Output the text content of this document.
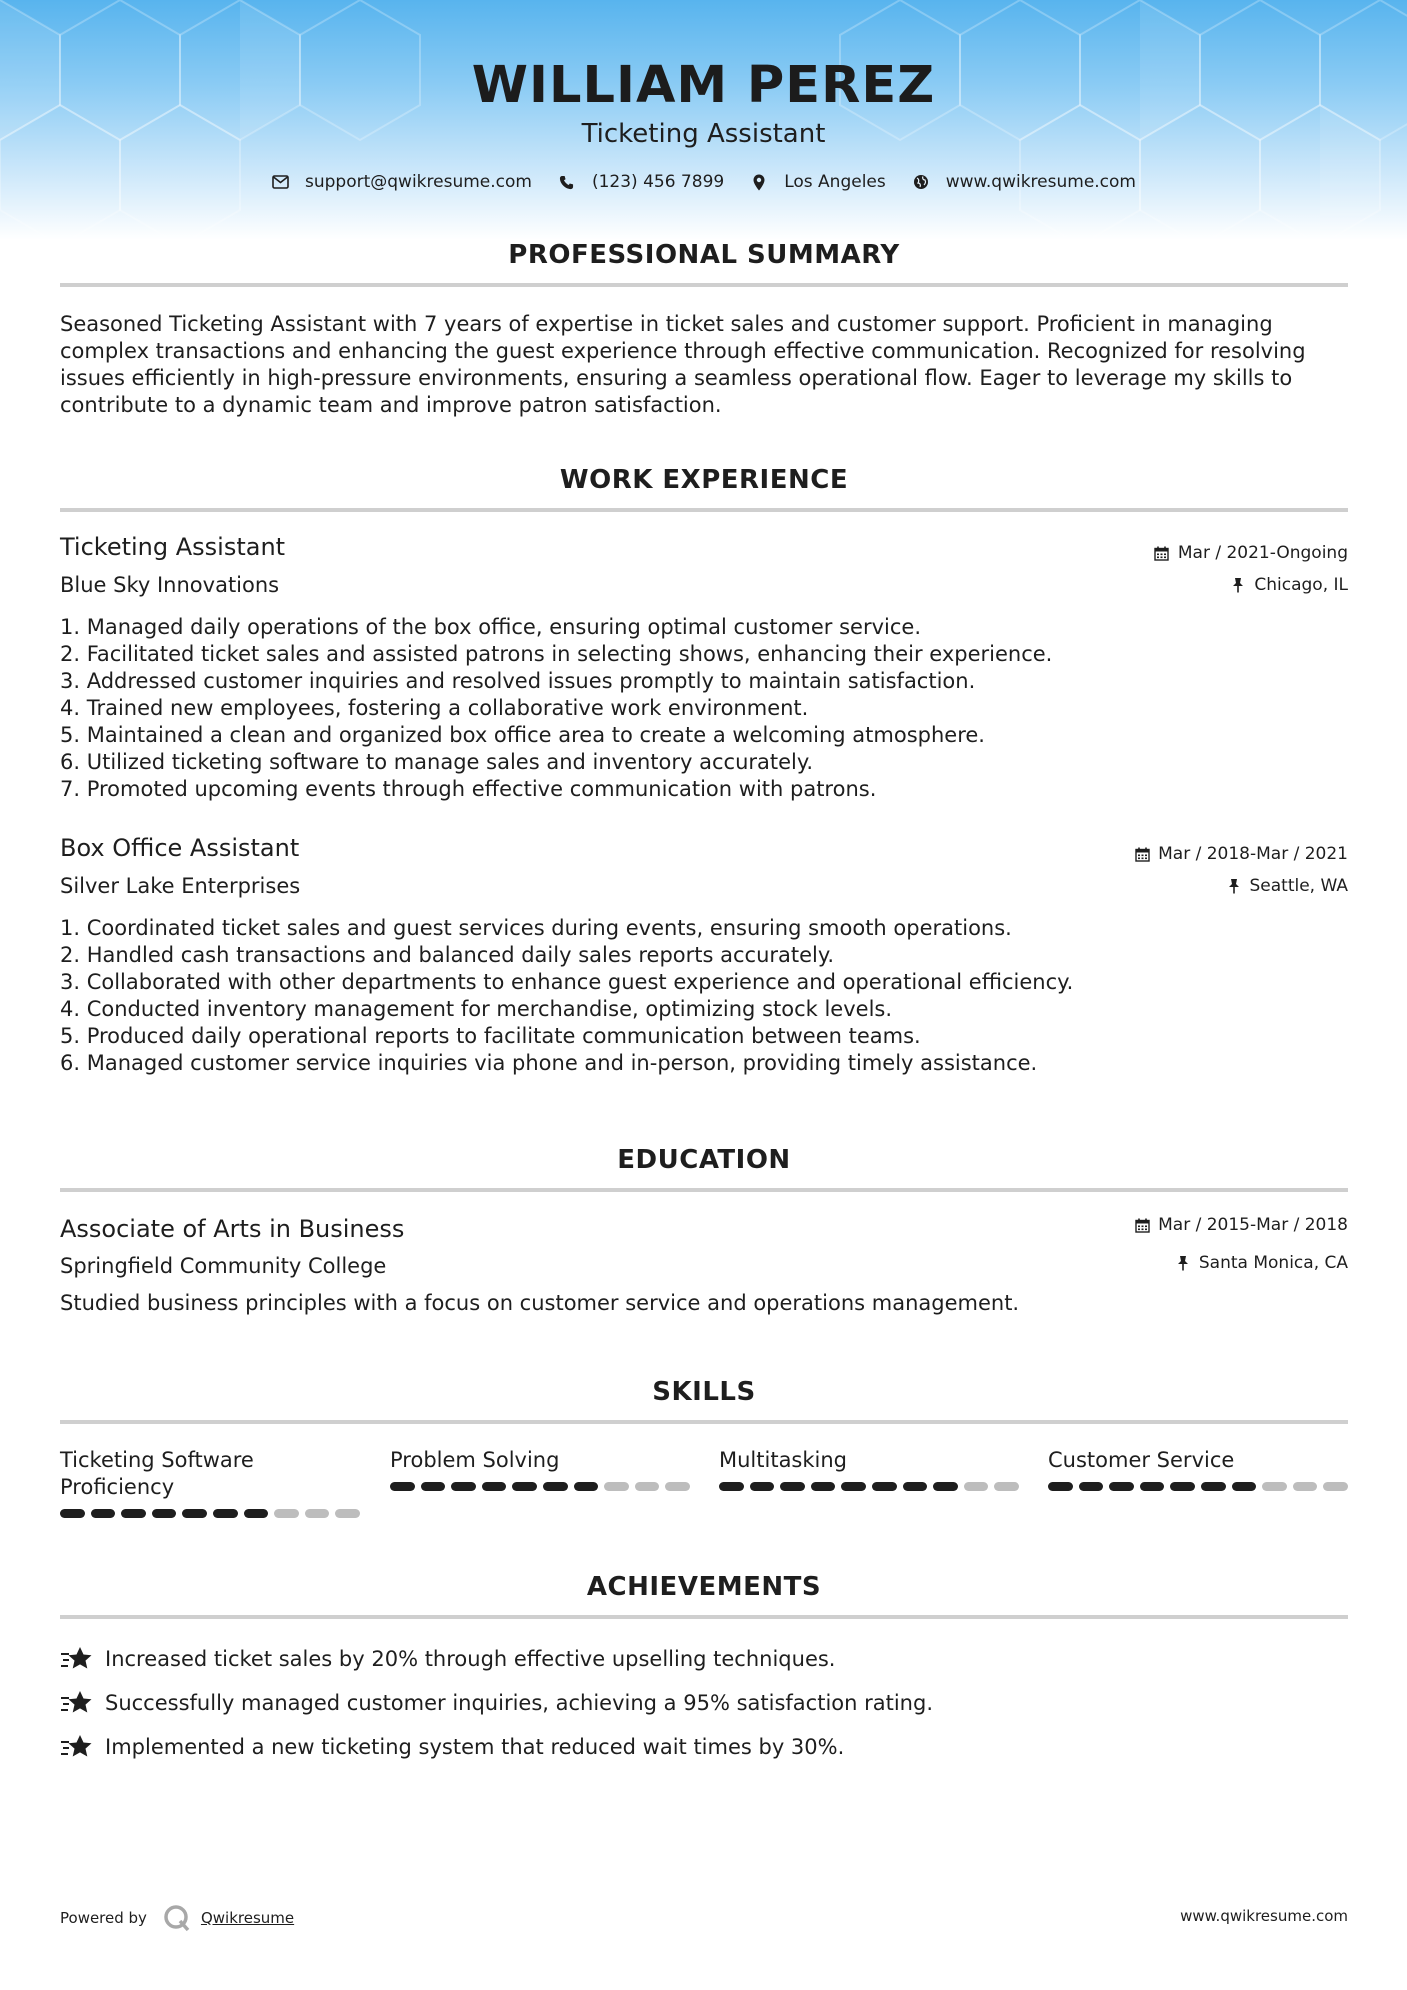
WILLIAM PEREZ
Ticketing Assistant
support@qwikresume.com	(123) 456 7899	Los Angeles	www.qwikresume.com
PROFESSIONAL SUMMARY
Seasoned Ticketing Assistant with 7 years of expertise in ticket sales and customer support. Proficient in managing
complex transactions and enhancing the guest experience through effective communication. Recognized for resolving
issues efficiently in high-pressure environments, ensuring a seamless operational flow. Eager to leverage my skills to
contribute to a dynamic team and improve patron satisfaction.
WORK EXPERIENCE
Ticketing Assistant
Blue Sky Innovations
Mar / 2021-Ongoing
Chicago, IL
1. Managed daily operations of the box office, ensuring optimal customer service.
2. Facilitated ticket sales and assisted patrons in selecting shows, enhancing their experience.
3. Addressed customer inquiries and resolved issues promptly to maintain satisfaction.
4. Trained new employees, fostering a collaborative work environment.
5. Maintained a clean and organized box office area to create a welcoming atmosphere.
6. Utilized ticketing software to manage sales and inventory accurately.
7. Promoted upcoming events through effective communication with patrons.
Box Office Assistant
Silver Lake Enterprises
Mar / 2018-Mar / 2021
Seattle, WA
1. Coordinated ticket sales and guest services during events, ensuring smooth operations.
2. Handled cash transactions and balanced daily sales reports accurately.
3. Collaborated with other departments to enhance guest experience and operational efficiency.
4. Conducted inventory management for merchandise, optimizing stock levels.
5. Produced daily operational reports to facilitate communication between teams.
6. Managed customer service inquiries via phone and in-person, providing timely assistance.
EDUCATION
Associate of Arts in Business
Springfield Community College
Mar / 2015-Mar / 2018
Santa Monica, CA
Studied business principles with a focus on customer service and operations management.
SKILLS
Ticketing Software Proficiency
Problem Solving	Multitasking	Customer Service
ACHIEVEMENTS
Increased ticket sales by 20% through effective upselling techniques.
Successfully managed customer inquiries, achieving a 95% satisfaction rating.
Implemented a new ticketing system that reduced wait times by 30%.
Powered by	Qwikresume	www.qwikresume.com
